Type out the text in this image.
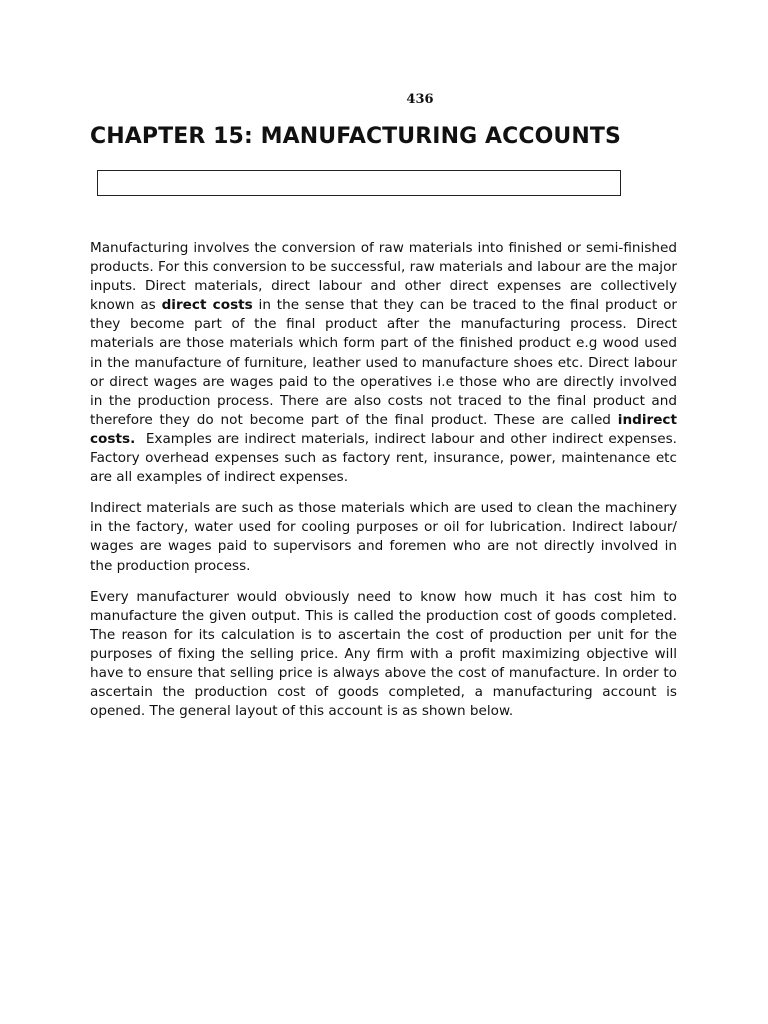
436
CHAPTER 15: MANUFACTURING ACCOUNTS

Manufacturing involves the conversion of raw materials into finished or semi-finished products. For this conversion to be successful, raw materials and labour are the major inputs. Direct materials, direct labour and other direct expenses are collectively known as direct costs in the sense that they can be traced to the final product or they become part of the final product after the manufacturing process. Direct materials are those materials which form part of the finished product e.g wood used in the manufacture of furniture, leather used to manufacture shoes etc. Direct labour or direct wages are wages paid to the operatives i.e those who are directly involved in the production process. There are also costs not traced to the final product and therefore they do not become part of the final product. These are called indirect costs.  Examples are indirect materials, indirect labour and other indirect expenses. Factory overhead expenses such as factory rent, insurance, power, maintenance etc are all examples of indirect expenses.

Indirect materials are such as those materials which are used to clean the machinery in the factory, water used for cooling purposes or oil for lubrication. Indirect labour/ wages are wages paid to supervisors and foremen who are not directly involved in the production process.

Every manufacturer would obviously need to know how much it has cost him to manufacture the given output. This is called the production cost of goods completed. The reason for its calculation is to ascertain the cost of production per unit for the purposes of fixing the selling price. Any firm with a profit maximizing objective will have to ensure that selling price is always above the cost of manufacture. In order to ascertain the production cost of goods completed, a manufacturing account is opened. The general layout of this account is as shown below.
